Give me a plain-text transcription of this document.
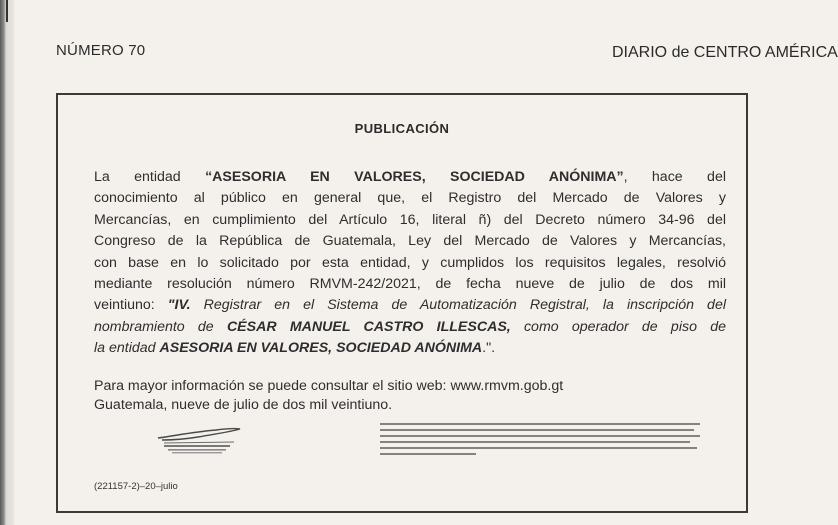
NÚMERO 70	DIARIO de CENTRO AMÉRICA
PUBLICACIÓN
La entidad “ASESORIA EN VALORES, SOCIEDAD ANÓNIMA”, hace del
conocimiento al público en general que, el Registro del Mercado de Valores y
Mercancías, en cumplimiento del Artículo 16, literal ñ) del Decreto número 34-96 del
Congreso de la República de Guatemala, Ley del Mercado de Valores y Mercancías,
con base en lo solicitado por esta entidad, y cumplidos los requisitos legales, resolvió
mediante resolución número RMVM-242/2021, de fecha nueve de julio de dos mil
veintiuno: "IV. Registrar en el Sistema de Automatización Registral, la inscripción del
nombramiento de CÉSAR MANUEL CASTRO ILLESCAS, como operador de piso de
la entidad ASESORIA EN VALORES, SOCIEDAD ANÓNIMA.".
Para mayor información se puede consultar el sitio web: www.rmvm.gob.gt
Guatemala, nueve de julio de dos mil veintiuno.
(221157-2)–20–julio
